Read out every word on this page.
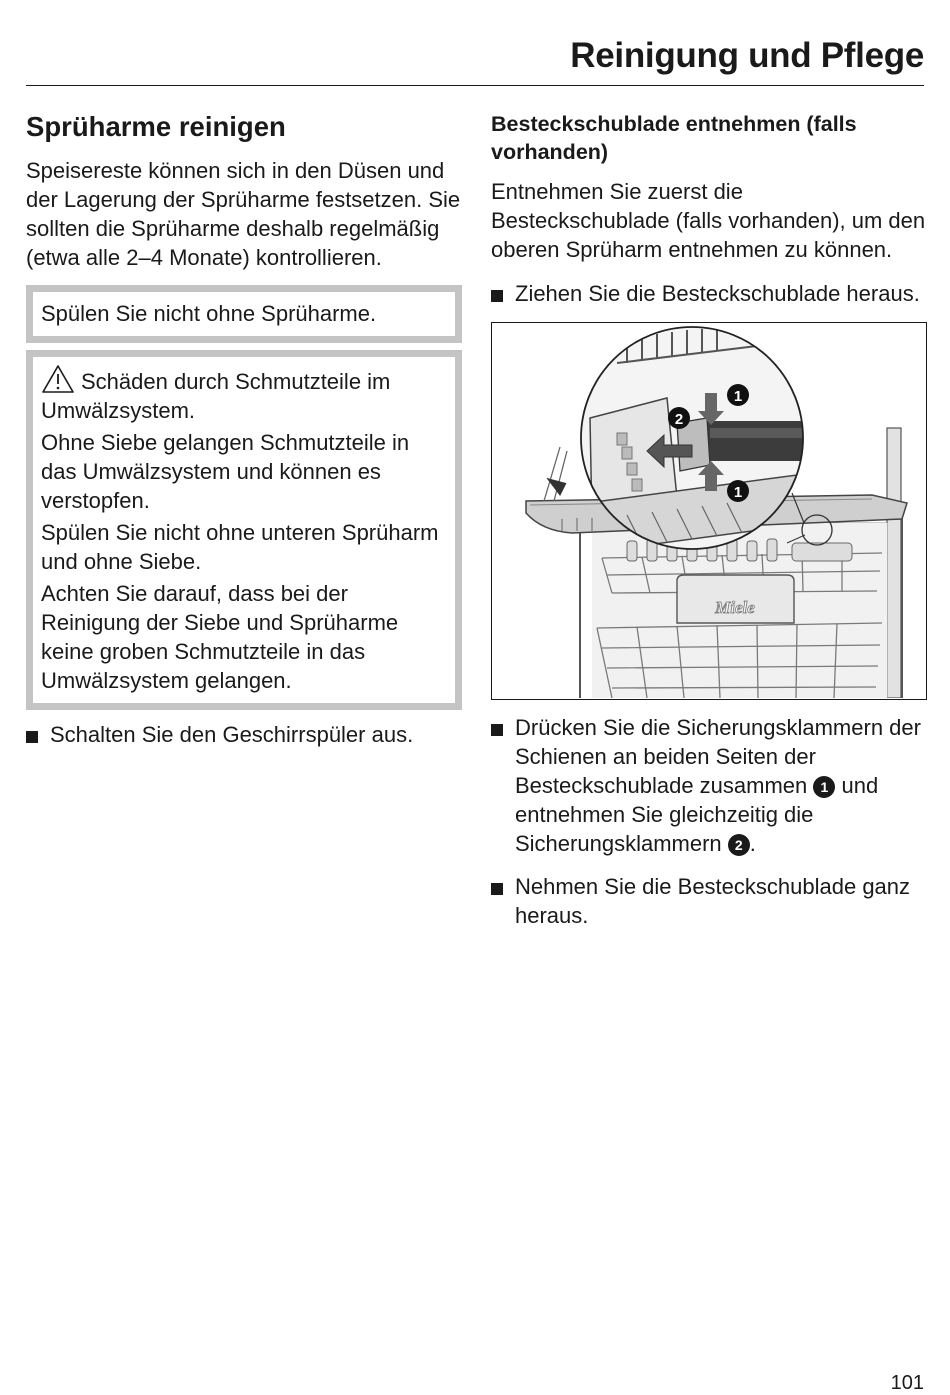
Reinigung und Pflege
Sprüharme reinigen

Speisereste können sich in den Düsen und der Lagerung der Sprüharme festsetzen. Sie sollten die Sprüharme deshalb regelmäßig (etwa alle 2–4 Monate) kontrollieren.

Spülen Sie nicht ohne Sprüharme.

Schäden durch Schmutzteile im Umwälzsystem.

Ohne Siebe gelangen Schmutzteile in das Umwälzsystem und können es verstopfen.

Spülen Sie nicht ohne unteren Sprüharm und ohne Siebe.

Achten Sie darauf, dass bei der Reinigung der Siebe und Sprüharme keine groben Schmutzteile in das Umwälzsystem gelangen.

Schalten Sie den Geschirrspüler aus.
Besteckschublade entnehmen (falls vorhanden)

Entnehmen Sie zuerst die Besteckschublade (falls vorhanden), um den oberen Sprüharm entnehmen zu können.

Ziehen Sie die Besteckschublade heraus.
Miele
1
2
1
Drücken Sie die Sicherungsklammern der Schienen an beiden Seiten der Besteckschublade zusammen 1 und entnehmen Sie gleichzeitig die Sicherungsklammern 2 .
Nehmen Sie die Besteckschublade ganz heraus.
101
